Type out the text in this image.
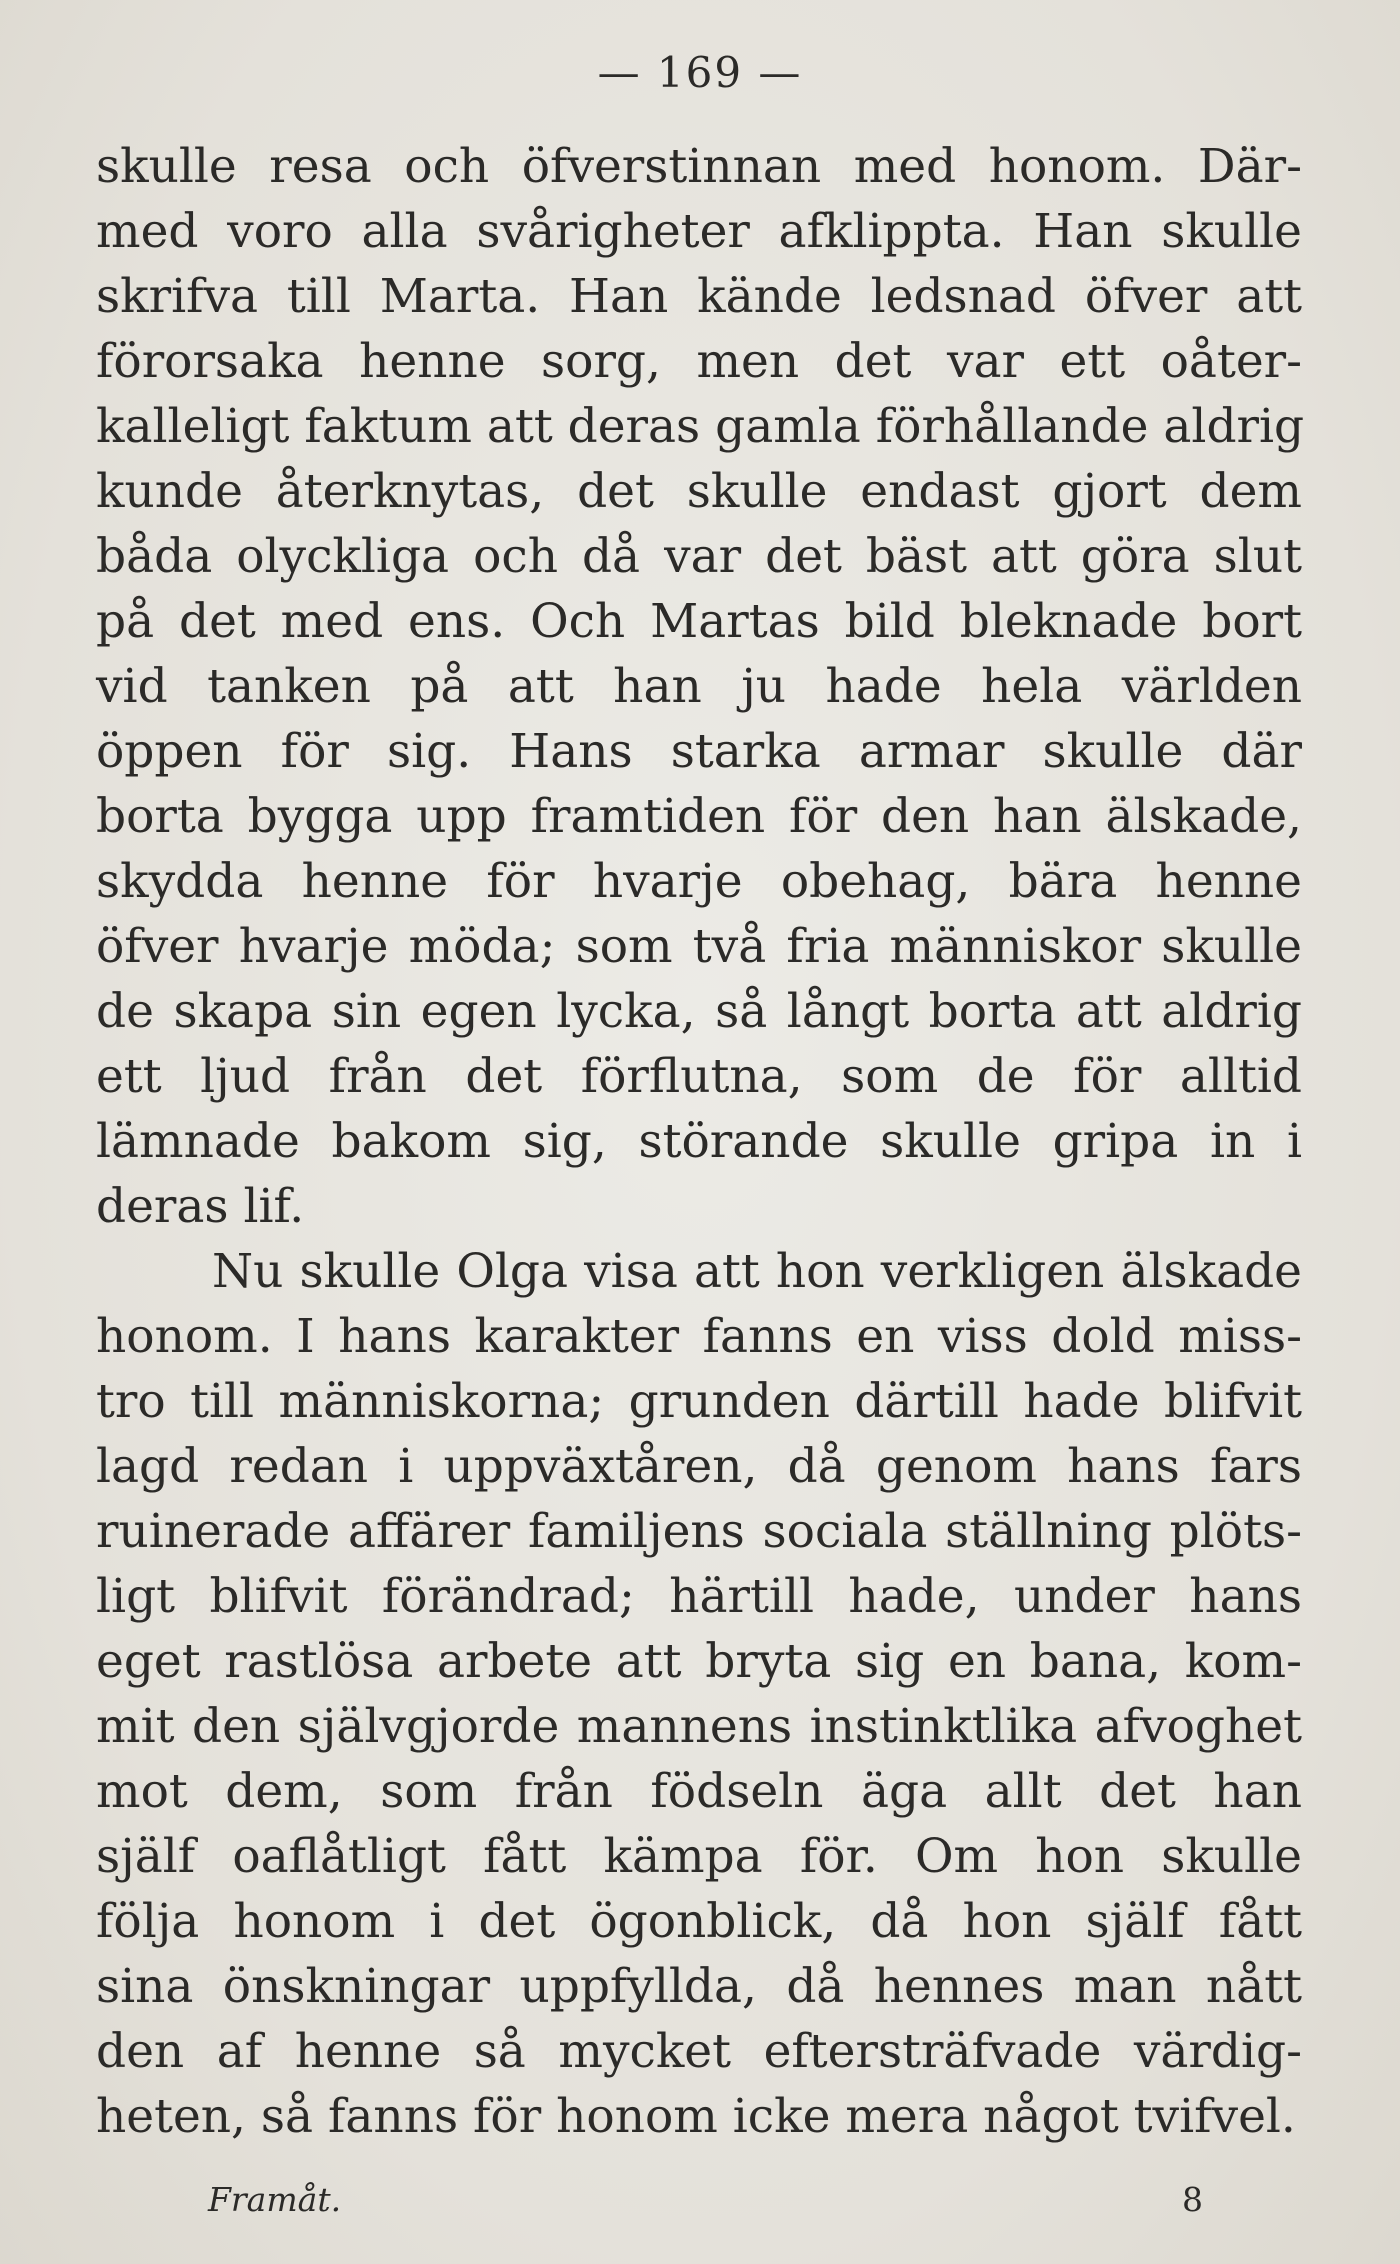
— 169 —
skulle resa och öfverstinnan med honom. Där-
med voro alla svårigheter afklippta. Han skulle
skrifva till Marta. Han kände ledsnad öfver att
förorsaka henne sorg, men det var ett oåter-
kalleligt faktum att deras gamla förhållande aldrig
kunde återknytas, det skulle endast gjort dem
båda olyckliga och då var det bäst att göra slut
på det med ens. Och Martas bild bleknade bort
vid tanken på att han ju hade hela världen
öppen för sig. Hans starka armar skulle där
borta bygga upp framtiden för den han älskade,
skydda henne för hvarje obehag, bära henne
öfver hvarje möda; som två fria människor skulle
de skapa sin egen lycka, så långt borta att aldrig
ett ljud från det förflutna, som de för alltid
lämnade bakom sig, störande skulle gripa in i
deras lif.
Nu skulle Olga visa att hon verkligen älskade
honom. I hans karakter fanns en viss dold miss-
tro till människorna; grunden därtill hade blifvit
lagd redan i uppväxtåren, då genom hans fars
ruinerade affärer familjens sociala ställning plöts-
ligt blifvit förändrad; härtill hade, under hans
eget rastlösa arbete att bryta sig en bana, kom-
mit den självgjorde mannens instinktlika afvoghet
mot dem, som från födseln äga allt det han
själf oaflåtligt fått kämpa för. Om hon skulle
följa honom i det ögonblick, då hon själf fått
sina önskningar uppfyllda, då hennes man nått
den af henne så mycket eftersträfvade värdig-
heten, så fanns för honom icke mera något tvifvel.
Framåt.	8
